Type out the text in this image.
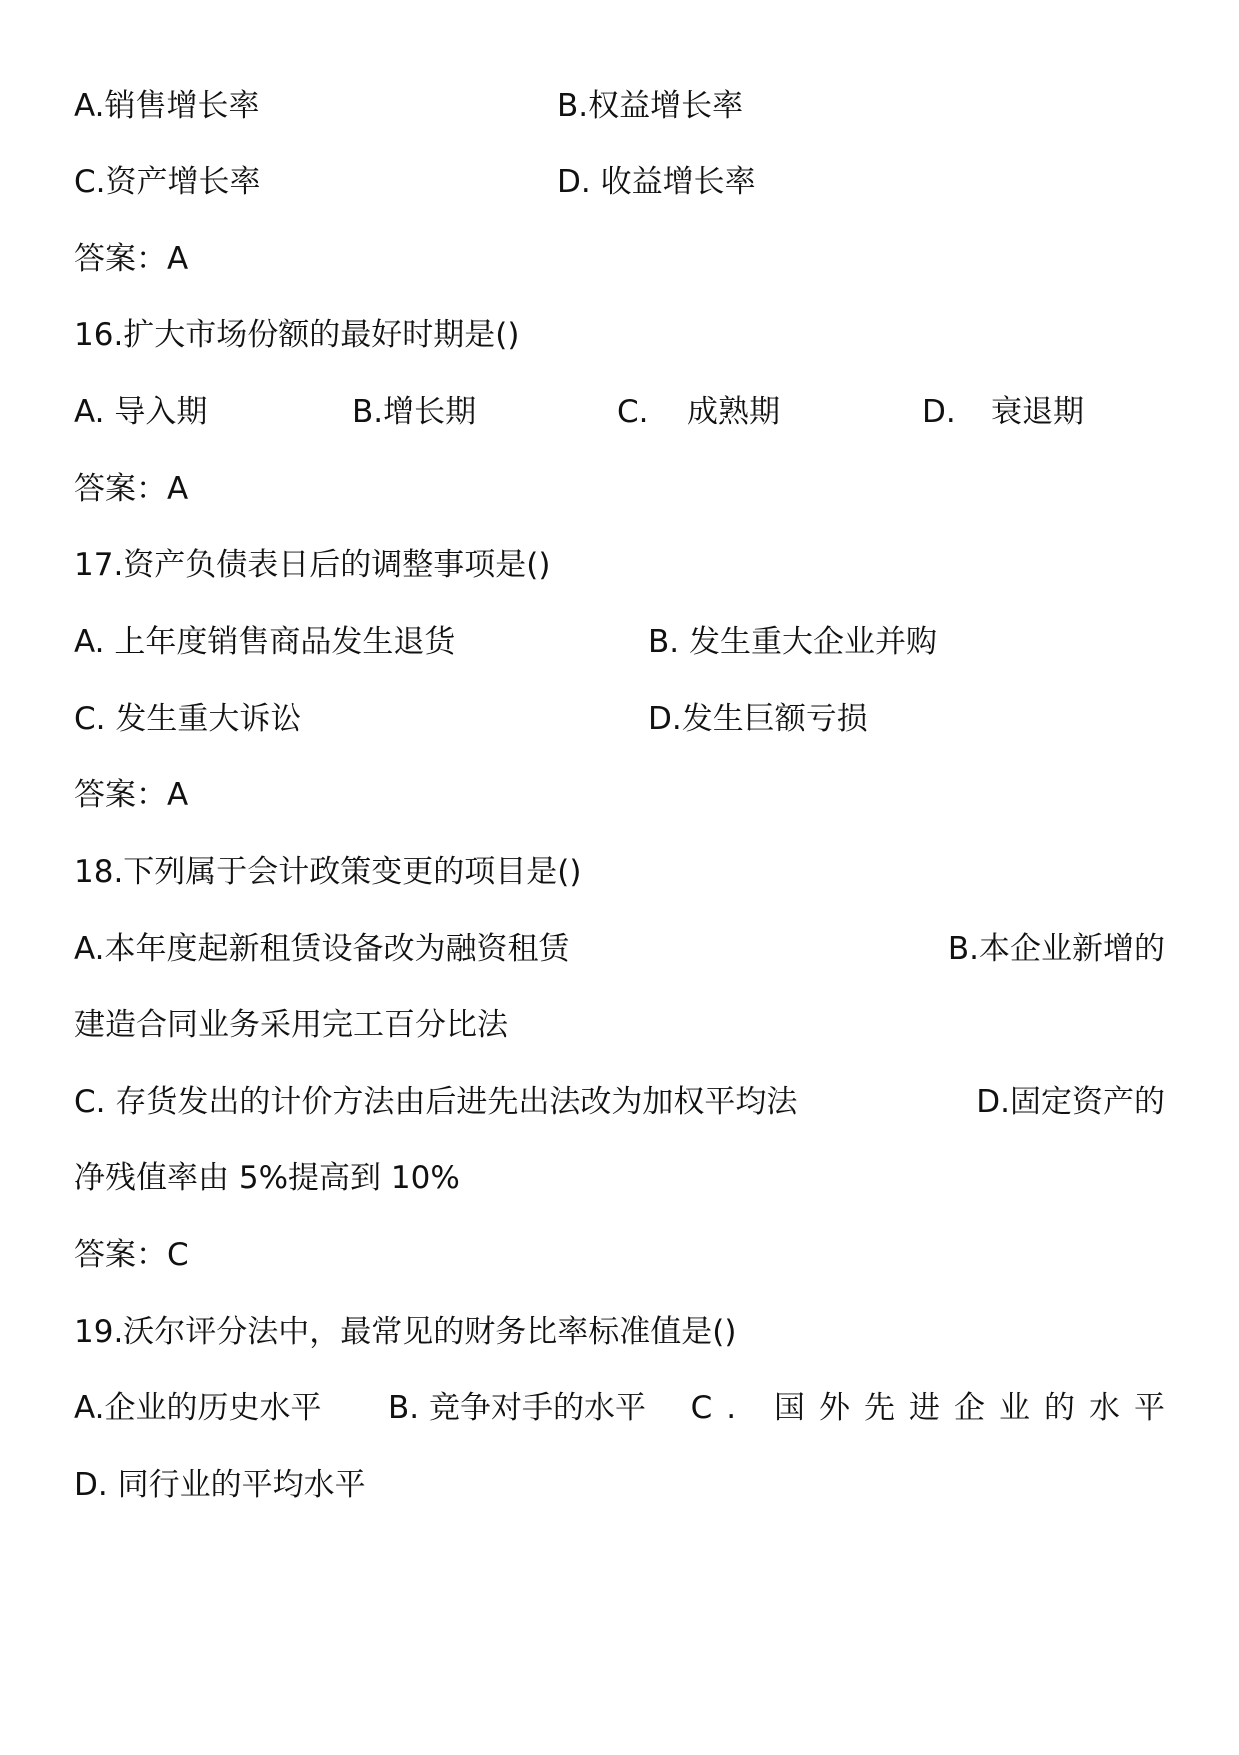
A.销售增长率	B.权益增长率
C.资产增长率	D. 收益增长率
答案：A
16.扩大市场份额的最好时期是()
A. 导入期	B.增长期	C. 成熟期	D. 衰退期
答案：A
17.资产负债表日后的调整事项是()
A. 上年度销售商品发生退货	B. 发生重大企业并购
C. 发生重大诉讼	D.发生巨额亏损
答案：A
18.下列属于会计政策变更的项目是()
A.本年度起新租赁设备改为融资租赁	B.本企业新增的
建造合同业务采用完工百分比法
C. 存货发出的计价方法由后进先出法改为加权平均法	D.固定资产的
净残值率由 5%提高到 10%
答案：C
19.沃尔评分法中，最常见的财务比率标准值是()
A.企业的历史水平 B. 竞争对手的水平 C. 国外先进企业的水平
D. 同行业的平均水平
